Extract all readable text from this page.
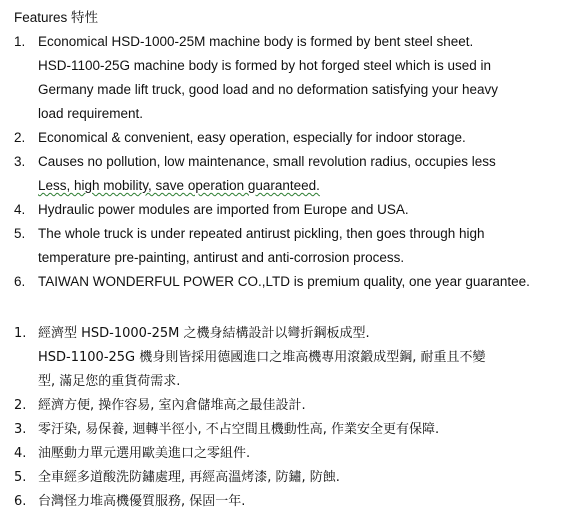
Features 特性
1. Economical HSD-1000-25M machine body is formed by bent steel sheet.
HSD-1100-25G machine body is formed by hot forged steel which is used in
Germany made lift truck, good load and no deformation satisfying your heavy
load requirement.
2. Economical & convenient, easy operation, especially for indoor storage.
3. Causes no pollution, low maintenance, small revolution radius, occupies less
Less, high mobility, save operation guaranteed.
4. Hydraulic power modules are imported from Europe and USA.
5. The whole truck is under repeated antirust pickling, then goes through high
temperature pre-painting, antirust and anti-corrosion process.
6. TAIWAN WONDERFUL POWER CO.,LTD is premium quality, one year guarantee.
1. 經濟型 HSD-1000-25M 之機身結構設計以彎折鋼板成型.
HSD-1100-25G 機身則皆採用德國進口之堆高機專用滾鍛成型鋼, 耐重且不變
型, 滿足您的重貨荷需求.
2. 經濟方便, 操作容易, 室內倉儲堆高之最佳設計.
3. 零汙染, 易保養, 迴轉半徑小, 不占空間且機動性高, 作業安全更有保障.
4. 油壓動力單元選用歐美進口之零組件.
5. 全車經多道酸洗防鏽處理, 再經高溫烤漆, 防鏽, 防蝕.
6. 台灣怪力堆高機優質服務, 保固一年.
